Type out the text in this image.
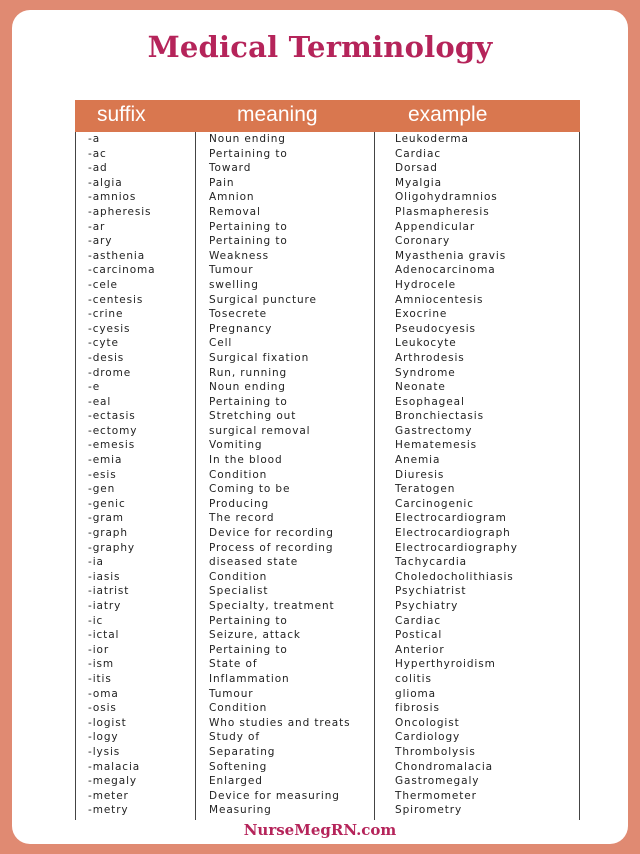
Medical Terminology
suffix	meaning	example
-a	Noun ending	Leukoderma
-ac	Pertaining to	Cardiac
-ad	Toward	Dorsad
-algia	Pain	Myalgia
-amnios	Amnion	Oligohydramnios
-apheresis	Removal	Plasmapheresis
-ar	Pertaining to	Appendicular
-ary	Pertaining to	Coronary
-asthenia	Weakness	Myasthenia gravis
-carcinoma	Tumour	Adenocarcinoma
-cele	swelling	Hydrocele
-centesis	Surgical puncture	Amniocentesis
-crine	Tosecrete	Exocrine
-cyesis	Pregnancy	Pseudocyesis
-cyte	Cell	Leukocyte
-desis	Surgical fixation	Arthrodesis
-drome	Run, running	Syndrome
-e	Noun ending	Neonate
-eal	Pertaining to	Esophageal
-ectasis	Stretching out	Bronchiectasis
-ectomy	surgical removal	Gastrectomy
-emesis	Vomiting	Hematemesis
-emia	In the blood	Anemia
-esis	Condition	Diuresis
-gen	Coming to be	Teratogen
-genic	Producing	Carcinogenic
-gram	The record	Electrocardiogram
-graph	Device for recording	Electrocardiograph
-graphy	Process of recording	Electrocardiography
-ia	diseased state	Tachycardia
-iasis	Condition	Choledocholithiasis
-iatrist	Specialist	Psychiatrist
-iatry	Specialty, treatment	Psychiatry
-ic	Pertaining to	Cardiac
-ictal	Seizure, attack	Postical
-ior	Pertaining to	Anterior
-ism	State of	Hyperthyroidism
-itis	Inflammation	colitis
-oma	Tumour	glioma
-osis	Condition	fibrosis
-logist	Who studies and treats	Oncologist
-logy	Study of	Cardiology
-lysis	Separating	Thrombolysis
-malacia	Softening	Chondromalacia
-megaly	Enlarged	Gastromegaly
-meter	Device for measuring	Thermometer
-metry	Measuring	Spirometry
NurseMegRN.com
